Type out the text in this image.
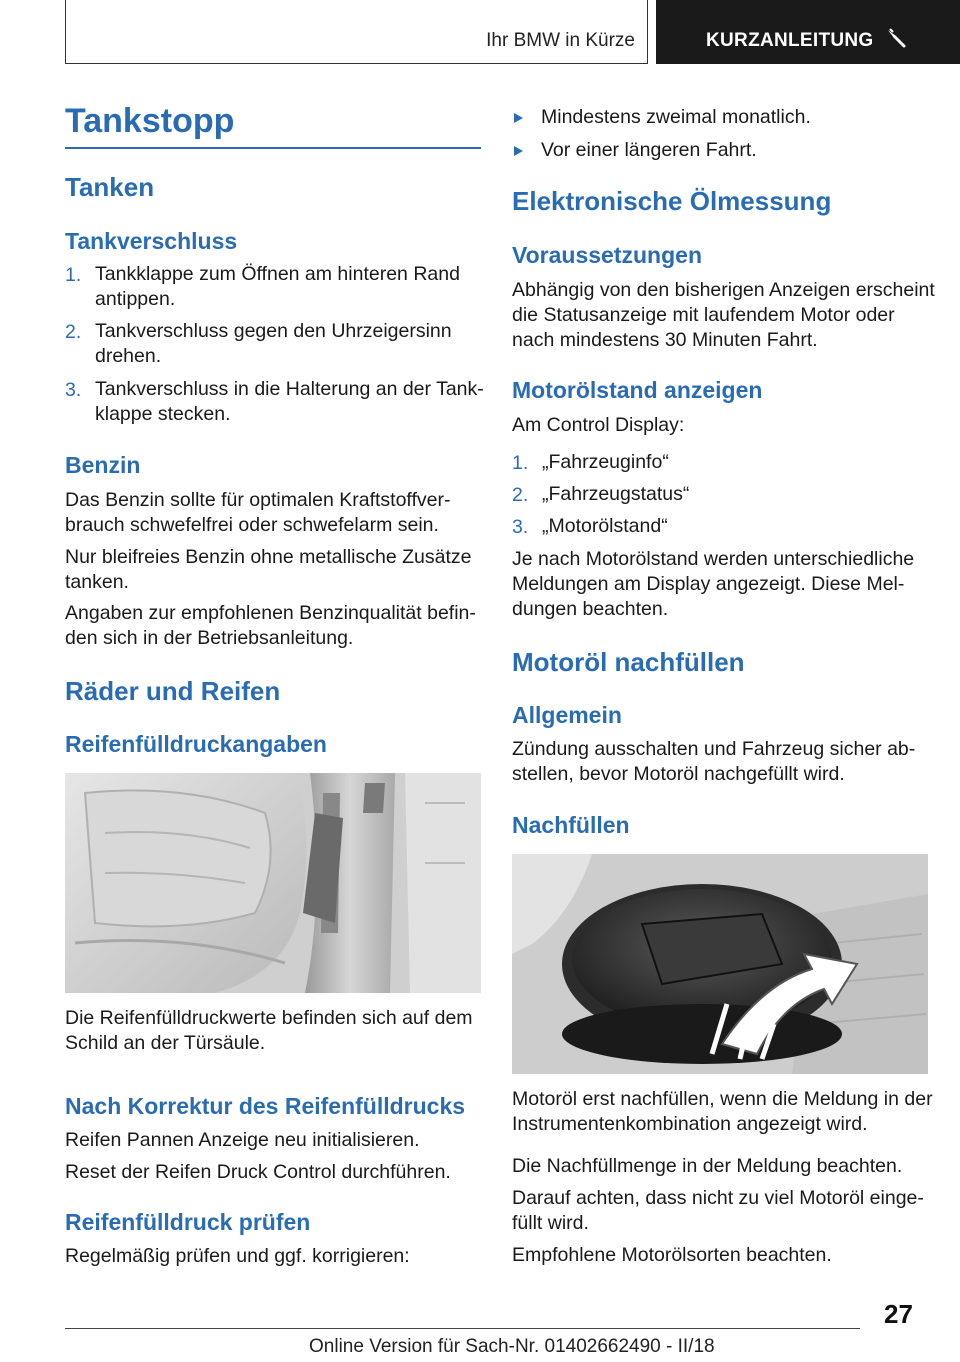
Ihr BMW in Kürze	KURZANLEITUNG
Tankstopp
Tanken
Tankverschluss
1. Tankklappe zum Öffnen am hinteren Rand
antippen.
2. Tankverschluss gegen den Uhrzeigersinn
drehen.
3. Tankverschluss in die Halterung an der Tank‐
klappe stecken.
Benzin
Das Benzin sollte für optimalen Kraftstoffver‐
brauch schwefelfrei oder schwefelarm sein.
Nur bleifreies Benzin ohne metallische Zusätze
tanken.
Angaben zur empfohlenen Benzinqualität befin‐
den sich in der Betriebsanleitung.
Räder und Reifen
Reifenfülldruckangaben
Die Reifenfülldruckwerte befinden sich auf dem
Schild an der Türsäule.
Nach Korrektur des Reifenfülldrucks
Reifen Pannen Anzeige neu initialisieren.
Reset der Reifen Druck Control durchführen.
Reifenfülldruck prüfen
Regelmäßig prüfen und ggf. korrigieren:
Mindestens zweimal monatlich.
Vor einer längeren Fahrt.
Elektronische Ölmessung
Voraussetzungen
Abhängig von den bisherigen Anzeigen erscheint
die Statusanzeige mit laufendem Motor oder
nach mindestens 30 Minuten Fahrt.
Motorölstand anzeigen
Am Control Display:
1. „Fahrzeuginfo“
2. „Fahrzeugstatus“
3. „Motorölstand“
Je nach Motorölstand werden unterschiedliche
Meldungen am Display angezeigt. Diese Mel‐
dungen beachten.
Motoröl nachfüllen
Allgemein
Zündung ausschalten und Fahrzeug sicher ab‐
stellen, bevor Motoröl nachgefüllt wird.
Nachfüllen
Motoröl erst nachfüllen, wenn die Meldung in der
Instrumentenkombination angezeigt wird.
Die Nachfüllmenge in der Meldung beachten.
Darauf achten, dass nicht zu viel Motoröl einge‐
füllt wird.
Empfohlene Motorölsorten beachten.
27
Online Version für Sach-Nr. 01402662490 - II/18
